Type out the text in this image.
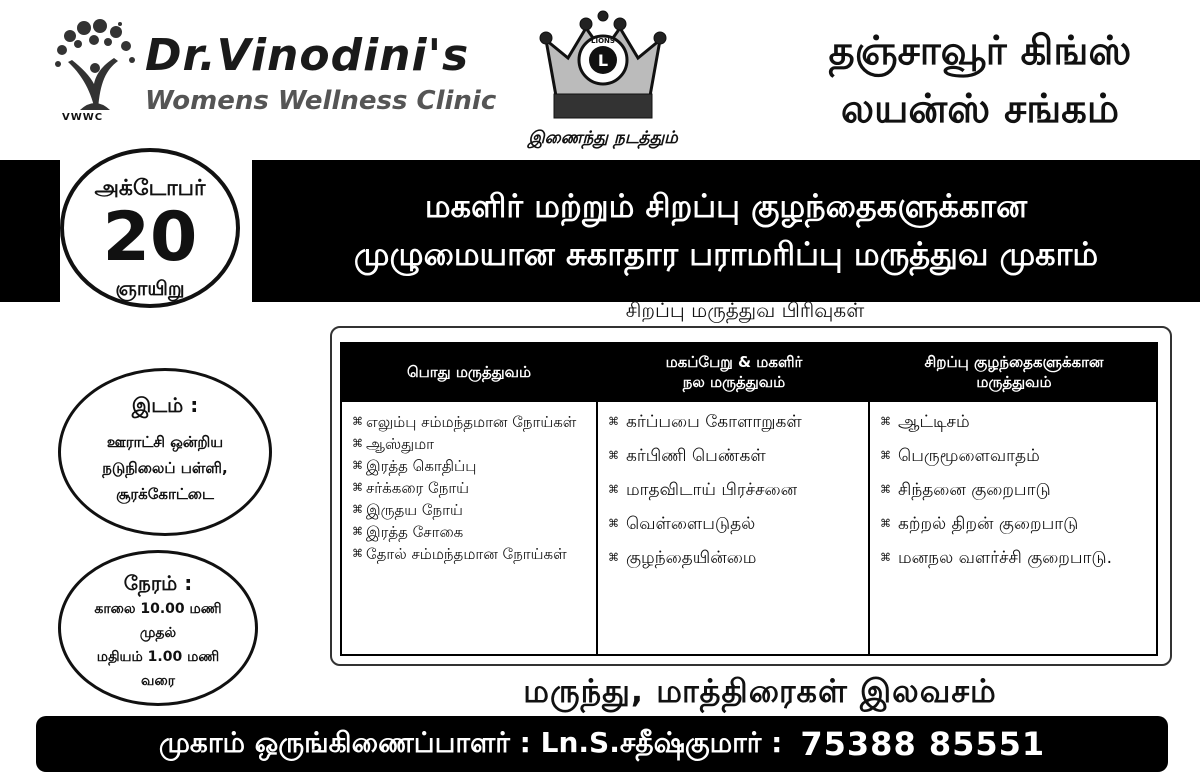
VWWC
Dr.Vinodini's
Womens Wellness Clinic
L
LIONS
இணைந்து நடத்தும்
தஞ்சாவூர் கிங்ஸ்
லயன்ஸ் சங்கம்
அக்டோபர்
20
ஞாயிறு
மகளிர் மற்றும் சிறப்பு குழந்தைகளுக்கான
முழுமையான சுகாதார பராமரிப்பு மருத்துவ முகாம்
சிறப்பு மருத்துவ பிரிவுகள்
இடம் :
ஊராட்சி ஒன்றிய
நடுநிலைப் பள்ளி,
சூரக்கோட்டை
நேரம் :
காலை 10.00 மணி
முதல்
மதியம் 1.00 மணி
வரை
பொது மருத்துவம்
⌘ எலும்பு சம்மந்தமான நோய்கள்
⌘ ஆஸ்துமா
⌘ இரத்த கொதிப்பு
⌘ சர்க்கரை நோய்
⌘ இருதய நோய்
⌘ இரத்த சோகை
⌘ தோல் சம்மந்தமான நோய்கள்
மகப்பேறு & மகளிர்
நல மருத்துவம்
⌘ கர்ப்பபை கோளாறுகள்
⌘ கர்பிணி பெண்கள்
⌘ மாதவிடாய் பிரச்சனை
⌘ வெள்ளைபடுதல்
⌘ குழந்தையின்மை
சிறப்பு குழந்தைகளுக்கான
மருத்துவம்
⌘ ஆட்டிசம்
⌘ பெருமூளைவாதம்
⌘ சிந்தனை குறைபாடு
⌘ கற்றல் திறன் குறைபாடு
⌘ மனநல வளர்ச்சி குறைபாடு.
மருந்து, மாத்திரைகள் இலவசம்
முகாம் ஒருங்கிணைப்பாளர் : Ln.S.சதீஷ்குமார் : 75388 85551
